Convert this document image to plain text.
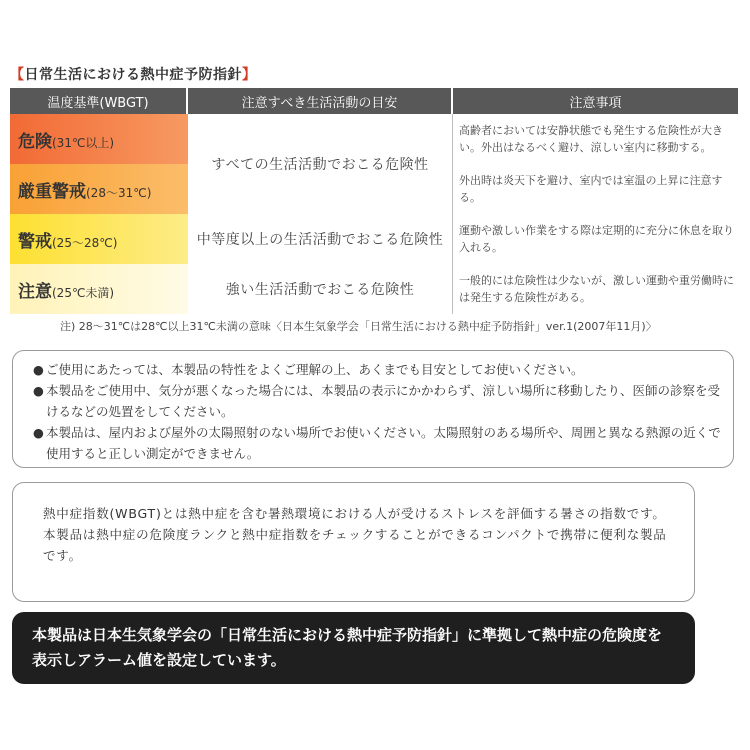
【日常生活における熱中症予防指針】
温度基準(WBGT)	注意すべき生活活動の目安	注意事項
危険(31℃以上)	すべての生活活動でおこる危険性	高齢者においては安静状態でも発生する危険性が大きい。外出はなるべく避け、涼しい室内に移動する。
厳重警戒(28～31℃)		外出時は炎天下を避け、室内では室温の上昇に注意する。
警戒(25～28℃)	中等度以上の生活活動でおこる危険性	運動や激しい作業をする際は定期的に充分に休息を取り入れる。
注意(25℃未満)	強い生活活動でおこる危険性	一般的には危険性は少ないが、激しい運動や重労働時には発生する危険性がある。
注) 28～31℃は28℃以上31℃未満の意味〈日本生気象学会「日常生活における熱中症予防指針」ver.1(2007年11月)〉
● ご使用にあたっては、本製品の特性をよくご理解の上、あくまでも目安としてお使いください。
● 本製品をご使用中、気分が悪くなった場合には、本製品の表示にかかわらず、涼しい場所に移動したり、医師の診察を受けるなどの処置をしてください。
● 本製品は、屋内および屋外の太陽照射のない場所でお使いください。太陽照射のある場所や、周囲と異なる熱源の近くで使用すると正しい測定ができません。

熱中症指数(WBGT)とは熱中症を含む暑熱環境における人が受けるストレスを評価する暑さの指数です。

本製品は熱中症の危険度ランクと熱中症指数をチェックすることができるコンパクトで携帯に便利な製品です。

本製品は日本生気象学会の「日常生活における熱中症予防指針」に準拠して熱中症の危険度を表示しアラーム値を設定しています。
